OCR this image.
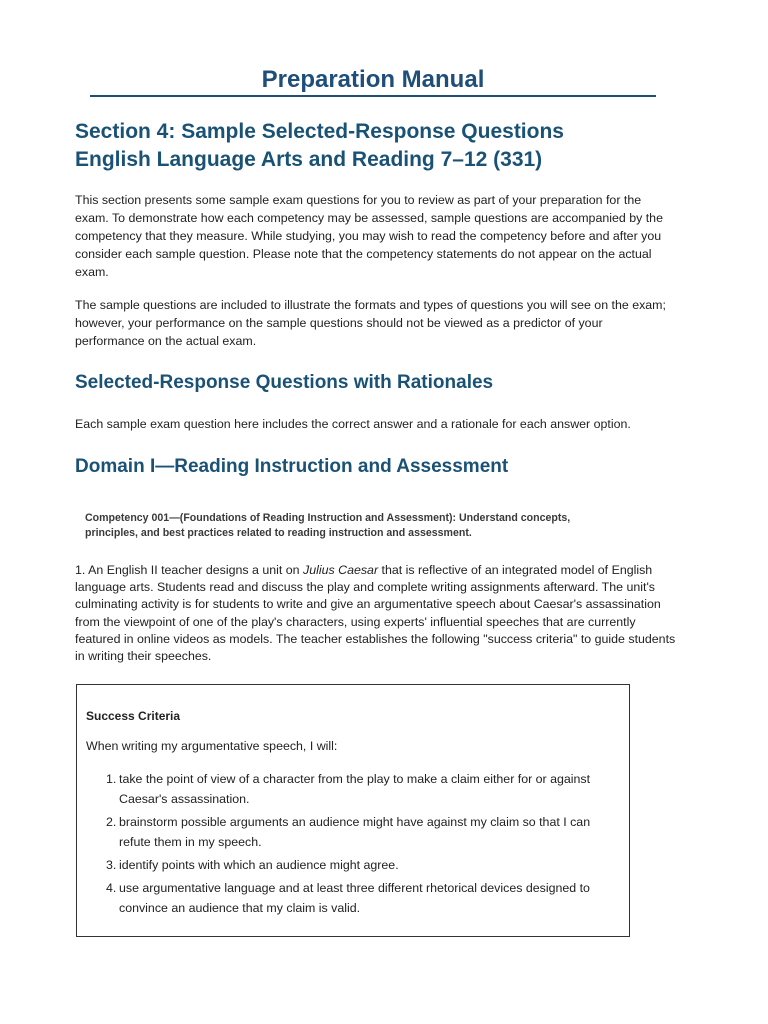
Preparation Manual
Section 4: Sample Selected-Response Questions
English Language Arts and Reading 7–12 (331)

This section presents some sample exam questions for you to review as part of your preparation for the exam. To demonstrate how each competency may be assessed, sample questions are accompanied by the competency that they measure. While studying, you may wish to read the competency before and after you consider each sample question. Please note that the competency statements do not appear on the actual exam.

The sample questions are included to illustrate the formats and types of questions you will see on the exam; however, your performance on the sample questions should not be viewed as a predictor of your performance on the actual exam.

Selected-Response Questions with Rationales

Each sample exam question here includes the correct answer and a rationale for each answer option.

Domain I—Reading Instruction and Assessment

Competency 001—(Foundations of Reading Instruction and Assessment): Understand concepts, principles, and best practices related to reading instruction and assessment.

1. An English II teacher designs a unit on Julius Caesar that is reflective of an integrated model of English language arts. Students read and discuss the play and complete writing assignments afterward. The unit's culminating activity is for students to write and give an argumentative speech about Caesar's assassination from the viewpoint of one of the play's characters, using experts' influential speeches that are currently featured in online videos as models. The teacher establishes the following "success criteria" to guide students in writing their speeches.

Success Criteria

When writing my argumentative speech, I will:

1. take the point of view of a character from the play to make a claim either for or against Caesar's assassination.
2. brainstorm possible arguments an audience might have against my claim so that I can refute them in my speech.
3. identify points with which an audience might agree.
4. use argumentative language and at least three different rhetorical devices designed to convince an audience that my claim is valid.
